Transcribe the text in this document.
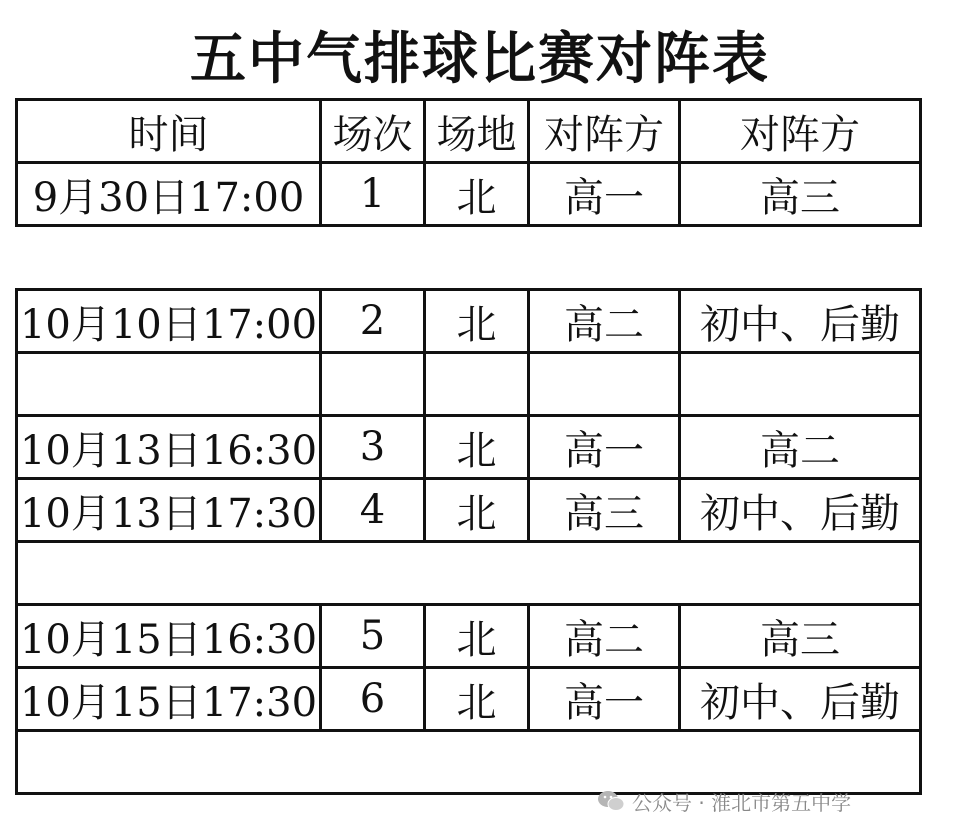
五中气排球比赛对阵表
时间	场次	场地	对阵方	对阵方
9月30日17:00	1	北	高一	高三
10月10日17:00	2	北	高二	初中、后勤

10月13日16:30	3	北	高一	高二
10月13日17:30	4	北	高三	初中、后勤

10月15日16:30	5	北	高二	高三
10月15日17:30	6	北	高一	初中、后勤

公众号 · 淮北市第五中学
